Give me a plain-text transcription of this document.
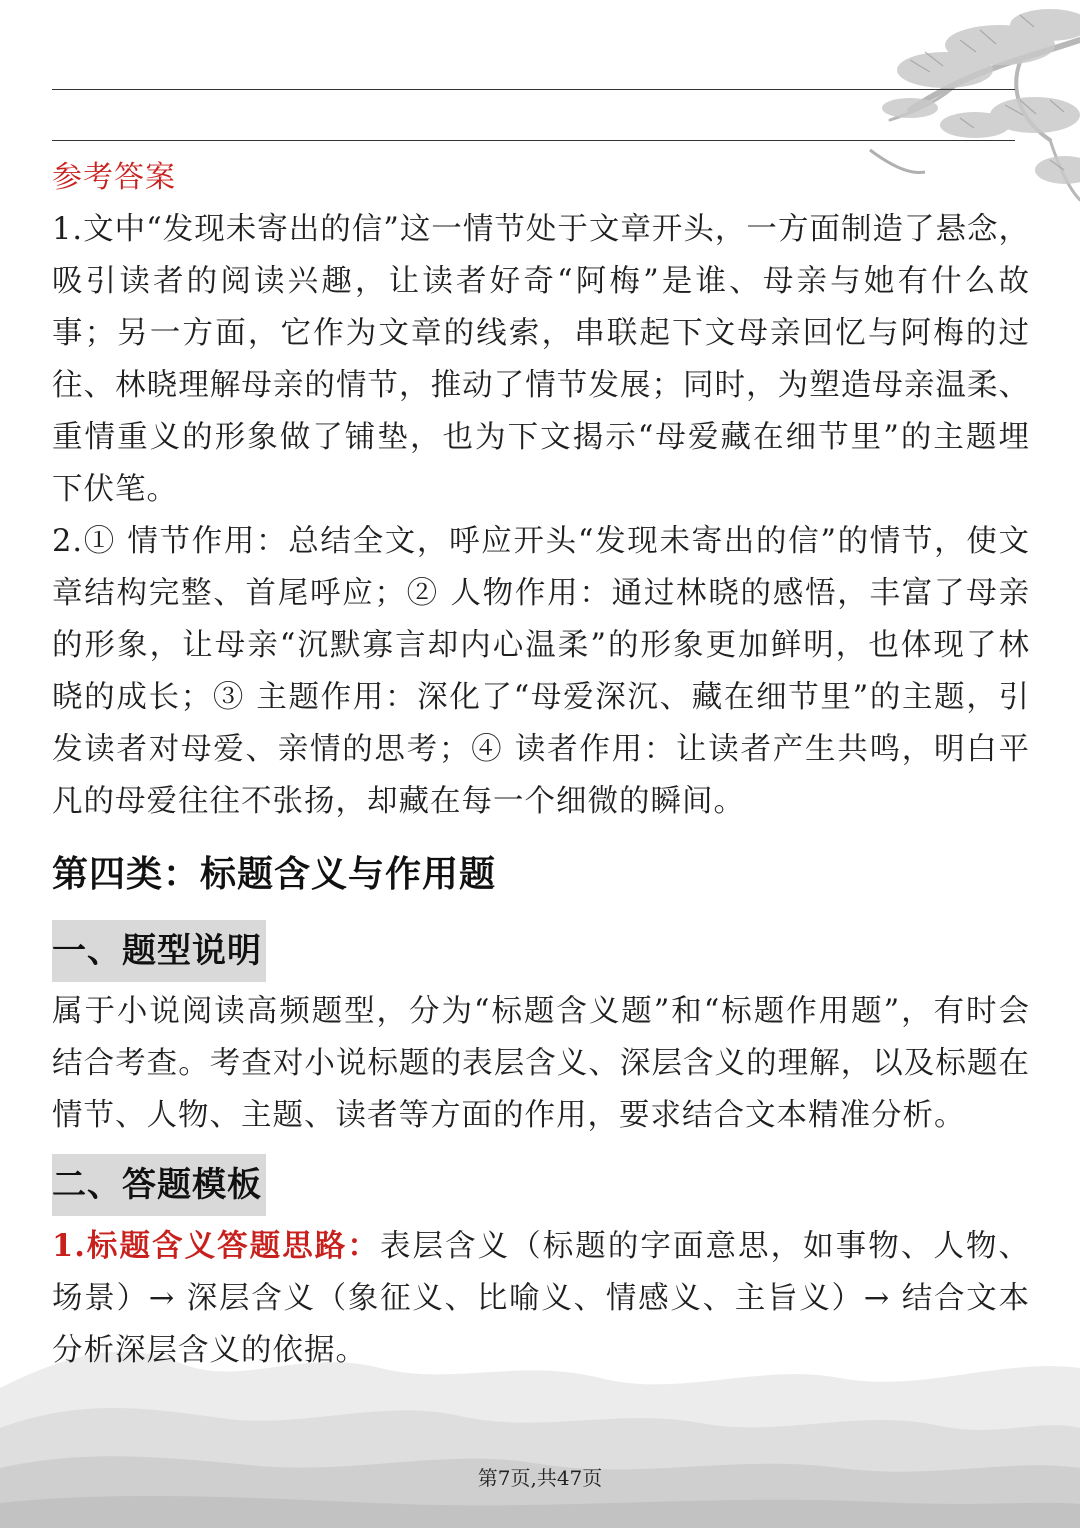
参考答案

1.文中“发现未寄出的信”这一情节处于文章开头，一方面制造了悬念，吸引读者的阅读兴趣，让读者好奇“阿梅”是谁、母亲与她有什么故事；另一方面，它作为文章的线索，串联起下文母亲回忆与阿梅的过往、林晓理解母亲的情节，推动了情节发展；同时，为塑造母亲温柔、重情重义的形象做了铺垫，也为下文揭示“母爱藏在细节里”的主题埋下伏笔。

2.① 情节作用：总结全文，呼应开头“发现未寄出的信”的情节，使文章结构完整、首尾呼应；② 人物作用：通过林晓的感悟，丰富了母亲的形象，让母亲“沉默寡言却内心温柔”的形象更加鲜明，也体现了林晓的成长；③ 主题作用：深化了“母爱深沉、藏在细节里”的主题，引发读者对母爱、亲情的思考；④ 读者作用：让读者产生共鸣，明白平凡的母爱往往不张扬，却藏在每一个细微的瞬间。

第四类：标题含义与作用题
一、题型说明

属于小说阅读高频题型，分为“标题含义题”和“标题作用题”，有时会结合考查。考查对小说标题的表层含义、深层含义的理解，以及标题在情节、人物、主题、读者等方面的作用，要求结合文本精准分析。

二、答题模板

1.标题含义答题思路：表层含义（标题的字面意思，如事物、人物、场景）→ 深层含义（象征义、比喻义、情感义、主旨义）→ 结合文本分析深层含义的依据。

第7页,共47页
